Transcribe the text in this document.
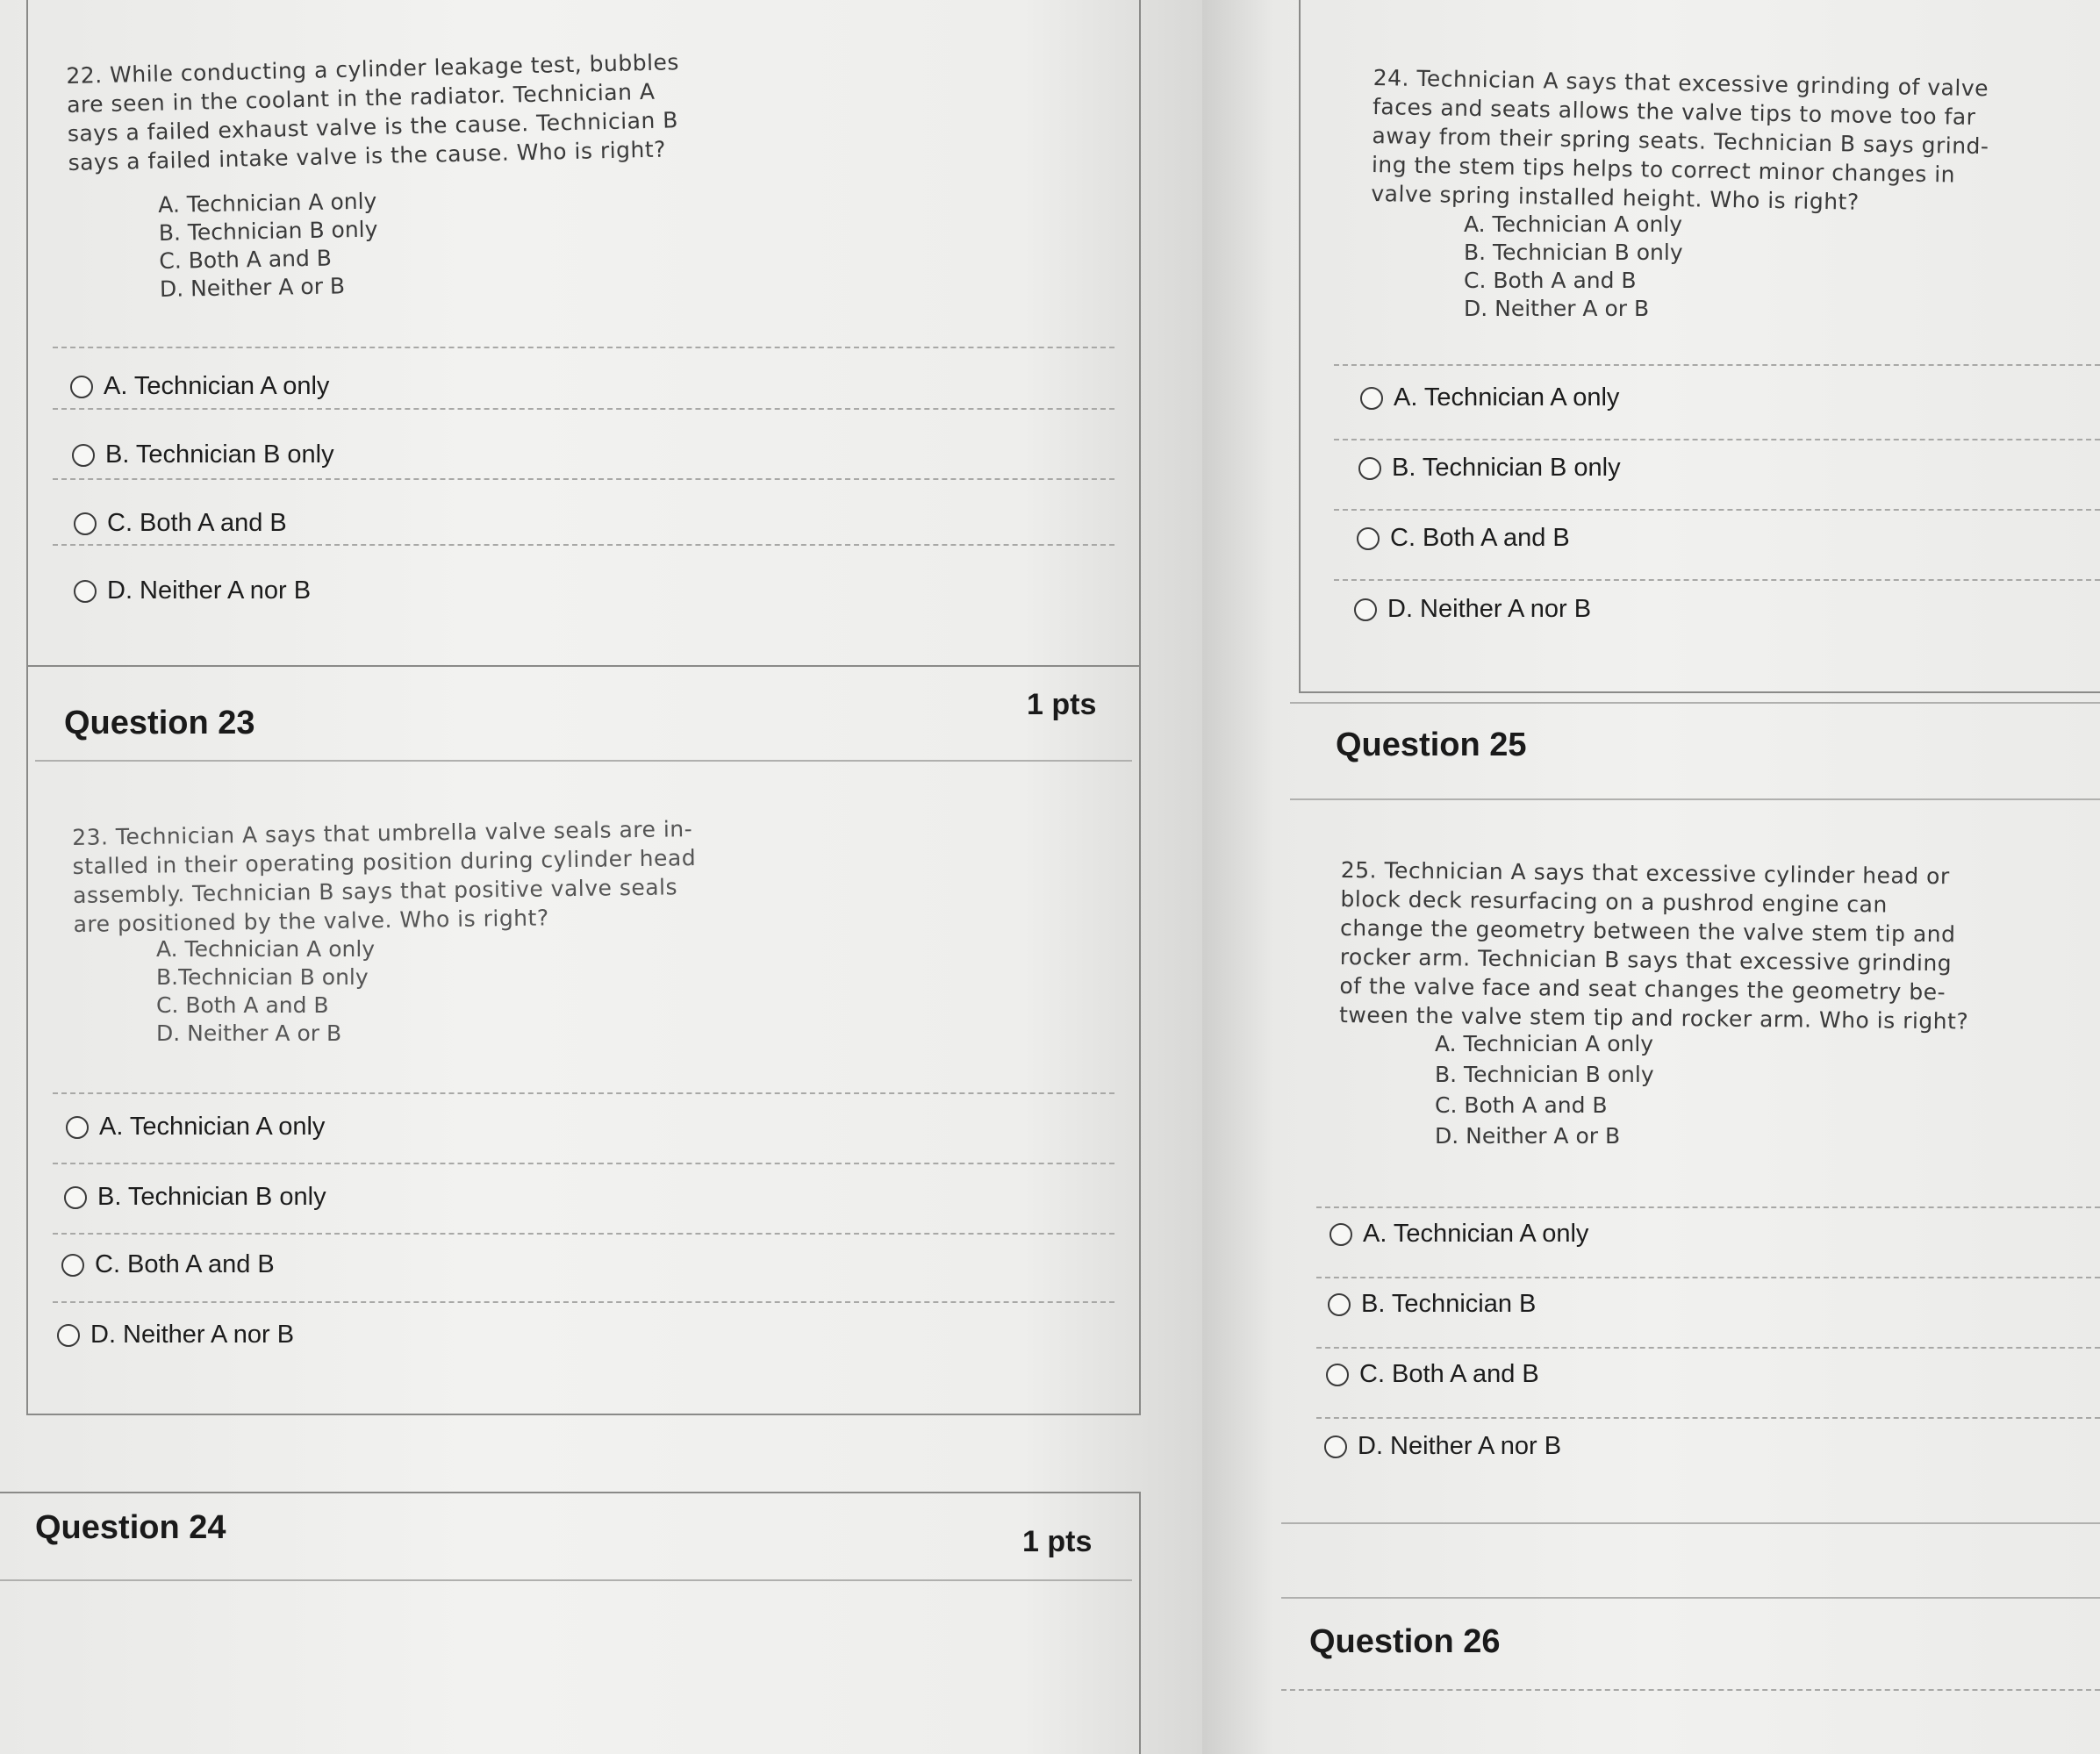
22. While conducting a cylinder leakage test, bubbles
are seen in the coolant in the radiator. Technician A
says a failed exhaust valve is the cause. Technician B
says a failed intake valve is the cause. Who is right?
A. Technician A only
B. Technician B only
C. Both A and B
D. Neither A or B
A. Technician A only
B. Technician B only
C. Both A and B
D. Neither A nor B
Question 23	1 pts
23. Technician A says that umbrella valve seals are in-
stalled in their operating position during cylinder head
assembly. Technician B says that positive valve seals
are positioned by the valve. Who is right?
A. Technician A only
B.Technician B only
C. Both A and B
D. Neither A or B
A. Technician A only
B. Technician B only
C. Both A and B
D. Neither A nor B
Question 24	1 pts
24. Technician A says that excessive grinding of valve
faces and seats allows the valve tips to move too far
away from their spring seats. Technician B says grind-
ing the stem tips helps to correct minor changes in
valve spring installed height. Who is right?
A. Technician A only
B. Technician B only
C. Both A and B
D. Neither A or B
A. Technician A only
B. Technician B only
C. Both A and B
D. Neither A nor B
Question 25
25. Technician A says that excessive cylinder head or
block deck resurfacing on a pushrod engine can
change the geometry between the valve stem tip and
rocker arm. Technician B says that excessive grinding
of the valve face and seat changes the geometry be-
tween the valve stem tip and rocker arm. Who is right?
A. Technician A only
B. Technician B only
C. Both A and B
D. Neither A or B
A. Technician A only
B. Technician B
C. Both A and B
D. Neither A nor B
Question 26
